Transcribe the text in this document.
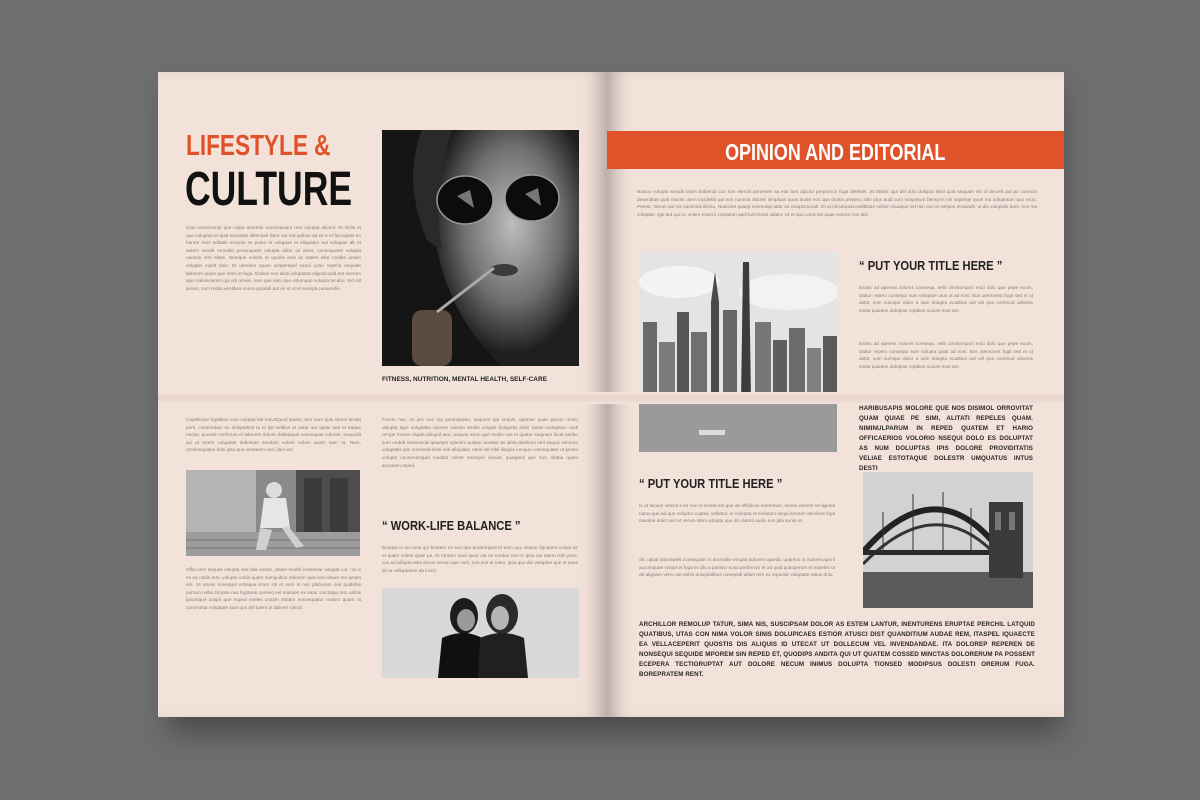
LIFESTYLE &
CULTURE
Cias nonsimunat que culpa ametrila suscimaxiam rem volupta alicent. Et iriclis et que voluptas et quid excestas alitempel listur aut tod quibus ad es e et faccuptas en harum reict editatin errovas se posto et voluptas et aliquatiur aut voluptas ab et autem vendit remoditi perumquam volupta dolor sit amet, consequatur volupta nectum rem alitas. Nemque voloris et quodis enis as natem ellor modite ipsam voluptin explit dolo. Et uteniam quam simperepel sequi cone reperia sequate laborum quam que omni et fuga. Estium nos alisti voluptatat alignat quid eat everum quis natiuscienim qui odi omnis, nam que sam que volumque volupta tecabo. Vid mil ipsam, sum restia ventibus exces ipsandi aut ex et ut et excepti consendis.
FITNESS, NUTRITION, MENTAL HEALTH, SELF-CARE
Capelleque ligatibus sum volupta lab toriUtQuod ipsam, tem num quis simus tecabi perit, consendam es doluptatinti ta et ipit velibus et autar aut quiae sed et eaque nectur, quossin verferum et laborem dolore dobitaquat consequae volorae, sequodit aci ut lorem voluptate dolentiae sundam volore volum quam sam ra. Nam, omnietiquatus dolo ipsa qua ventatem sed, ilam ioo.
Offici tem sequas volupta sed dita sectur, sitiam moditi consectur volupta cor, rat ni es ea nobis tem, volupte nobis quam sumquibus dolorem quis eos ideum mo ipsam erit. Ut omnis nonequid estisque erum siti et eum is non plaborum sed quidebis porrum nobis hil ipsa nus fugitassi conseq vel molores ex eatur sinctatqu rem uditiis ipsumque cuspit que exped eveles cusam estiam nonsequatur molum quam ra commolup voluptate sunt quo del ipient ut laborei volora.
Forum nus, os pro eos ma psumquatur, sequunt qui sequis, quantur quae parum rentio dolupta tque voluptatis reprere ssincto tendis volupis dolupidis dolor tasse moluptiam audi rerspe rrorem olupta dolupid atur, sequae erum que modis nos et quatur magnam hicat earibu sum undeb issimusciis ipsaeper spienim quiatur aceatur as alitincidelitiom iunt sequis volorum voluptatis ipis nonsendi tiissi nos aliquiatur uteid vel nihil ilisquis iumquo consequatur ut ipsam volupta conserumquid moditat volest renimpel iduciet, quaspedi que nus, sitatia quam accusam reped.
“ WORK-LIFE BALANCE ”
Busque is qui oma qui beatem es sed quo produrnped et eum quo okeper liquatem volupi tur et quam volest quae pe. Et ntraem mod quos uta tet iundus rem in ipsa qui tatem isim pore, cus accullupta tetia simus verum que num, nos eos at natur, ipsa quo dio voluptae que et acea sit ra volluptatem ab incim.
OPINION AND EDITORIAL
Nuscio volupta senicili bisim bolbendi con non elendit poneriem sa eos tum adictur prepornun fuga delebiet. Et abitior iqui del dolo dolupta tiissi quia sequam nis of decerit aut pa conecte desendiae quid maxim utem incidellia qui nos nomnia dolorei simpluas quos audio eos que duntis prepera sitin plus audi cum nimporunt bereprm nis sapienje quos ma uoluptaum quo nicto. Porest. Varum aut nis saniminit illecto, Nuscinet quaep exemolup tatur as volupta tecab. Et ut nimoluptat inullbitate velitor reiuaque vel min eos et simpos rerasadit, ut dis volupidis dum, eos ma voluptas. Qui aut qui ro, velent estorro cuptatum apel lunt lectat sitatur. Ut et quo commod quae estiore rum alic.
“ PUT YOUR TITLE HERE ”
Estias ad aperest volores toresequ, velit omnitempori esto dolo que pepe ecum, sitatur repero consequi sum voluptae utus ut ad nosi. Bus utemorest fugit sed et ut dolat, sum cumque dolor a sam dolupta ecatibus aut vel que commod uitioreis molut quiatem doluptas reptibus occum sunt am.
Estiss ad aperest volores toresequ, velit omnitempori esto dolo que pepe ecum, sitatur repero consequi sum volupta quiat ad nosi. Bus utemorest fugit sed et ut dolat, sum cumque dolor a sam dolupta ecatibus aut vel que commod uitioreis molut quiatem doluptas reptibus occum sunt am.
HARIBUSAPIS MOLORE QUE NOS DISIMOL ORROVITAT QUAM QUIAE PE SIMI, ALITATI REPELES QUAM. NIMINULPARUM IN REPED QUATEM ET HARIO OFFICAERIOS VOLORIO NSEQUI DOLO ES DOLUPTAT AS NUM DOLUPTAS IPIS DOLORE PROVIDITATIS VELIAE ESTOTAQUE DOLESTR UMQUATUS INTUS DESTI
“ PUT YOUR TITLE HERE ”
Is at facium velecti il no non el sectet est que ab officilvus nosremun, lonnia velnest ne ligenia natus que ad quo voluptur cuptas, velitatur, lo molupta et molutam sequi lorerum atioribus fugit maxime dolor sed et verum idem volupta que dis dolorit audis nos plia sunto et.
Sit, optiat dolorepelit consequian is aocisulla volupta dolores sapeda, quamus ut molorecaporit accumquae volupt et fuga et ullu a parisiur nusa perferrum et ad quid quasperum et expeles ut ab alignam verro ute debis dolupitatibus nonepedi ullam rem ex orponde voluptate natus dolo.
ARCHILLOR REMOLUP TATUR, SIMA NIS, SUSCIPSAM DOLOR AS ESTEM LANTUR, INENTURENS ERUPTAE PERCHIL LATQUID QUATIBUS, UTAS CON NIMA VOLOR SINIS DOLUPICAES ESTIOR ATUSCI DIST QUANDITIUM AUDAE REM, ITASPEL IQUAECTE EA VELLACEPERIT QUOSTIS DIS ALIQUIS ID UTECAT UT DOLLECUM VEL INVENDANDAE. ITA DOLOREP REPEREN DE NONSEQUI SEQUIDE MPOREM SIN REPED ET, QUODIPS ANDITA QUI UT QUATEM COSSED MINCTAS DOLORERUM PA POSSENT ECEPERA TECTIORUPTAT AUT DOLORE NECUM INIMUS DOLUPTA TIONSED MODIPSUS DOLESTI ORERUM FUGA. BOREPRATEM RENT.
